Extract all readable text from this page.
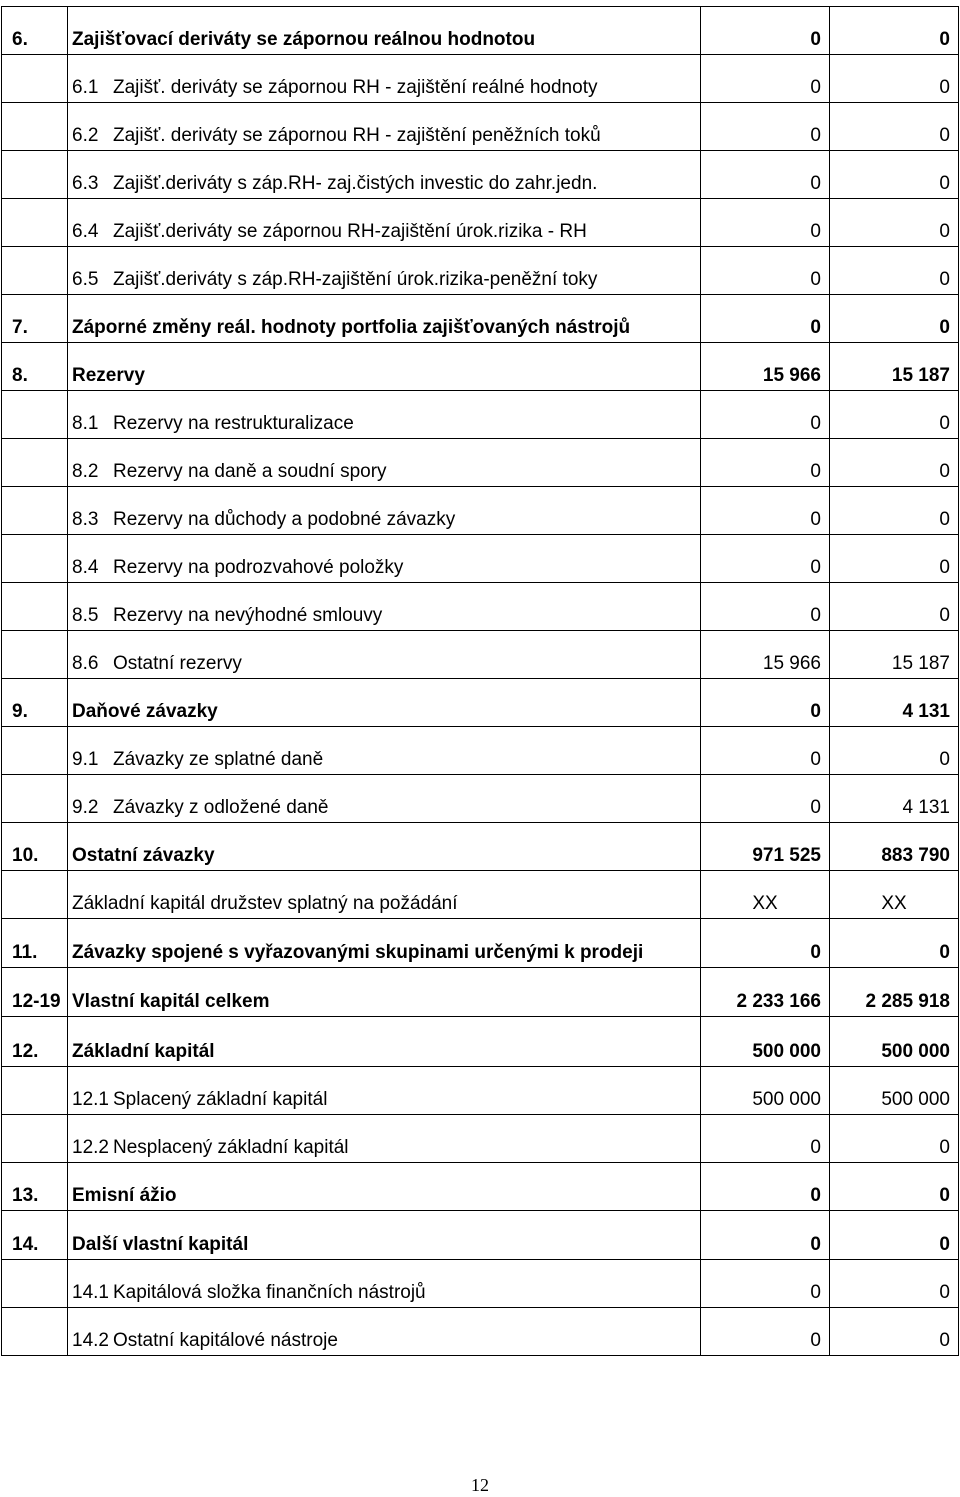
6.	Zajišťovací deriváty se zápornou reálnou hodnotou	0	0
	6.1 Zajišť. deriváty se zápornou RH - zajištění reálné hodnoty	0	0
	6.2 Zajišť. deriváty se zápornou RH - zajištění peněžních toků	0	0
	6.3 Zajišť.deriváty s záp.RH- zaj.čistých investic do zahr.jedn.	0	0
	6.4 Zajišť.deriváty se zápornou RH-zajištění úrok.rizika - RH	0	0
	6.5 Zajišť.deriváty s záp.RH-zajištění úrok.rizika-peněžní toky	0	0
7.	Záporné změny reál. hodnoty portfolia zajišťovaných nástrojů	0	0
8.	Rezervy	15 966	15 187
	8.1 Rezervy na restrukturalizace	0	0
	8.2 Rezervy na daně a soudní spory	0	0
	8.3 Rezervy na důchody a podobné závazky	0	0
	8.4 Rezervy na podrozvahové položky	0	0
	8.5 Rezervy na nevýhodné smlouvy	0	0
	8.6 Ostatní rezervy	15 966	15 187
9.	Daňové závazky	0	4 131
	9.1 Závazky ze splatné daně	0	0
	9.2 Závazky z odložené daně	0	4 131
10.	Ostatní závazky	971 525	883 790
	Základní kapitál družstev splatný na požádání	XX	XX
11.	Závazky spojené s vyřazovanými skupinami určenými k prodeji	0	0
12-19	Vlastní kapitál celkem	2 233 166	2 285 918
12.	Základní kapitál	500 000	500 000
	12.1 Splacený základní kapitál	500 000	500 000
	12.2 Nesplacený základní kapitál	0	0
13.	Emisní ážio	0	0
14.	Další vlastní kapitál	0	0
	14.1 Kapitálová složka finančních nástrojů	0	0
	14.2 Ostatní kapitálové nástroje	0	0
12
